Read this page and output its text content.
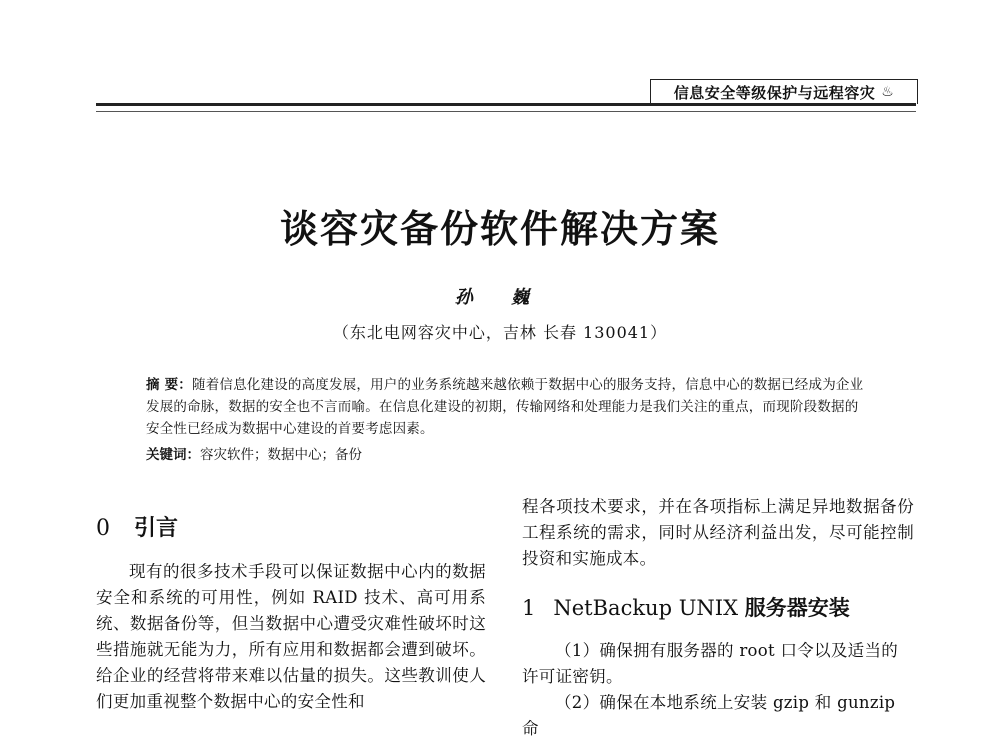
信息安全等级保护与远程容灾 ♨
谈容灾备份软件解决方案
孙 巍
（东北电网容灾中心，吉林 长春 130041）
摘 要：随着信息化建设的高度发展，用户的业务系统越来越依赖于数据中心的服务支持，信息中心的数据已经成为企业发展的命脉，数据的安全也不言而喻。在信息化建设的初期，传输网络和处理能力是我们关注的重点，而现阶段数据的安全性已经成为数据中心建设的首要考虑因素。
关键词：容灾软件；数据中心；备份
0 引言

现有的很多技术手段可以保证数据中心内的数据安全和系统的可用性，例如 RAID 技术、高可用系统、数据备份等，但当数据中心遭受灾难性破坏时这些措施就无能为力，所有应用和数据都会遭到破坏。给企业的经营将带来难以估量的损失。这些教训使人们更加重视整个数据中心的安全性和

程各项技术要求，并在各项指标上满足异地数据备份工程系统的需求，同时从经济利益出发，尽可能控制投资和实施成本。

1 NetBackup UNIX 服务器安装

（1）确保拥有服务器的 root 口令以及适当的许可证密钥。

（2）确保在本地系统上安装 gzip 和 gunzip 命
